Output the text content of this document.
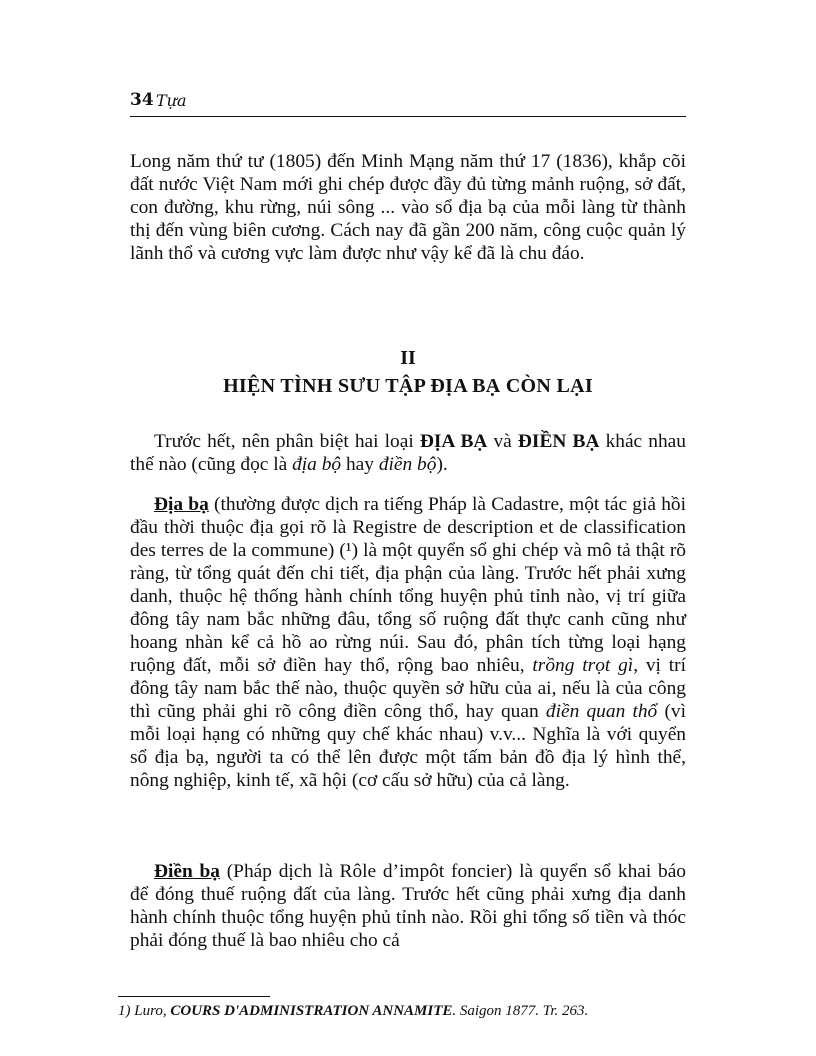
34 Tựa

Long năm thứ tư (1805) đến Minh Mạng năm thứ 17 (1836), khắp cõi đất nước Việt Nam mới ghi chép được đầy đủ từng mảnh ruộng, sở đất, con đường, khu rừng, núi sông ... vào sổ địa bạ của mỗi làng từ thành thị đến vùng biên cương. Cách nay đã gần 200 năm, công cuộc quản lý lãnh thổ và cương vực làm được như vậy kể đã là chu đáo.

II
HIỆN TÌNH SƯU TẬP ĐỊA BẠ CÒN LẠI
Trước hết, nên phân biệt hai loại ĐỊA BẠ và ĐIỀN BẠ khác nhau thế nào (cũng đọc là địa bộ hay điền bộ).
Địa bạ (thường được dịch ra tiếng Pháp là Cadastre, một tác giả hồi đầu thời thuộc địa gọi rõ là Registre de description et de classification des terres de la commune) (¹) là một quyển sổ ghi chép và mô tả thật rõ ràng, từ tổng quát đến chi tiết, địa phận của làng. Trước hết phải xưng danh, thuộc hệ thống hành chính tổng huyện phủ tỉnh nào, vị trí giữa đông tây nam bắc những đâu, tổng số ruộng đất thực canh cũng như hoang nhàn kể cả hồ ao rừng núi. Sau đó, phân tích từng loại hạng ruộng đất, mỗi sở điền hay thổ, rộng bao nhiêu, trồng trọt gì, vị trí đông tây nam bắc thế nào, thuộc quyền sở hữu của ai, nếu là của công thì cũng phải ghi rõ công điền công thổ, hay quan điền quan thổ (vì mỗi loại hạng có những quy chế khác nhau) v.v... Nghĩa là với quyển sổ địa bạ, người ta có thể lên được một tấm bản đồ địa lý hình thể, nông nghiệp, kinh tế, xã hội (cơ cấu sở hữu) của cả làng.
Điền bạ (Pháp dịch là Rôle d’impôt foncier) là quyển sổ khai báo để đóng thuế ruộng đất của làng. Trước hết cũng phải xưng địa danh hành chính thuộc tổng huyện phủ tỉnh nào. Rồi ghi tổng số tiền và thóc phải đóng thuế là bao nhiêu cho cả
1) Luro, COURS D'ADMINISTRATION ANNAMITE. Saigon 1877. Tr. 263.
